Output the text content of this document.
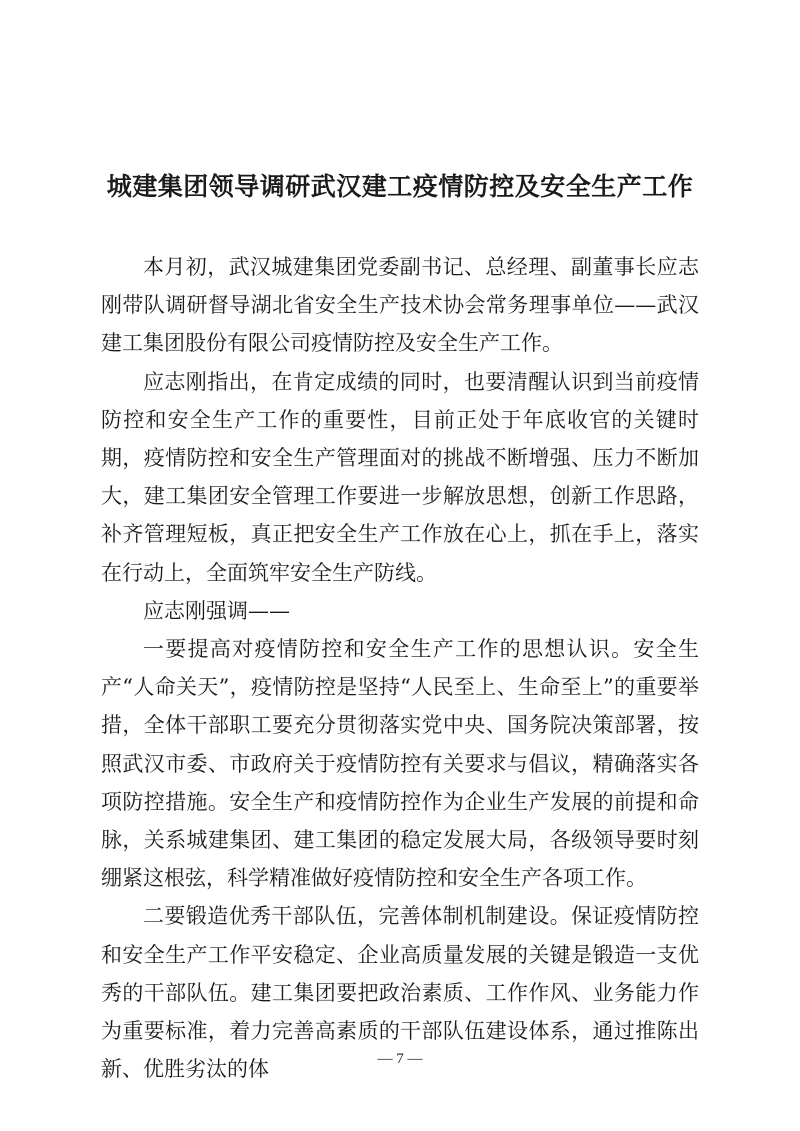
城建集团领导调研武汉建工疫情防控及安全生产工作

本月初，武汉城建集团党委副书记、总经理、副董事长应志刚带队调研督导湖北省安全生产技术协会常务理事单位——武汉建工集团股份有限公司疫情防控及安全生产工作。

应志刚指出，在肯定成绩的同时，也要清醒认识到当前疫情防控和安全生产工作的重要性，目前正处于年底收官的关键时期，疫情防控和安全生产管理面对的挑战不断增强、压力不断加大，建工集团安全管理工作要进一步解放思想，创新工作思路，补齐管理短板，真正把安全生产工作放在心上，抓在手上，落实在行动上，全面筑牢安全生产防线。

应志刚强调——

一要提高对疫情防控和安全生产工作的思想认识。安全生产“人命关天”，疫情防控是坚持“人民至上、生命至上”的重要举措，全体干部职工要充分贯彻落实党中央、国务院决策部署，按照武汉市委、市政府关于疫情防控有关要求与倡议，精确落实各项防控措施。安全生产和疫情防控作为企业生产发展的前提和命脉，关系城建集团、建工集团的稳定发展大局，各级领导要时刻绷紧这根弦，科学精准做好疫情防控和安全生产各项工作。

二要锻造优秀干部队伍，完善体制机制建设。保证疫情防控和安全生产工作平安稳定、企业高质量发展的关键是锻造一支优秀的干部队伍。建工集团要把政治素质、工作作风、业务能力作为重要标准，着力完善高素质的干部队伍建设体系，通过推陈出新、优胜劣汰的体	— 7 —
